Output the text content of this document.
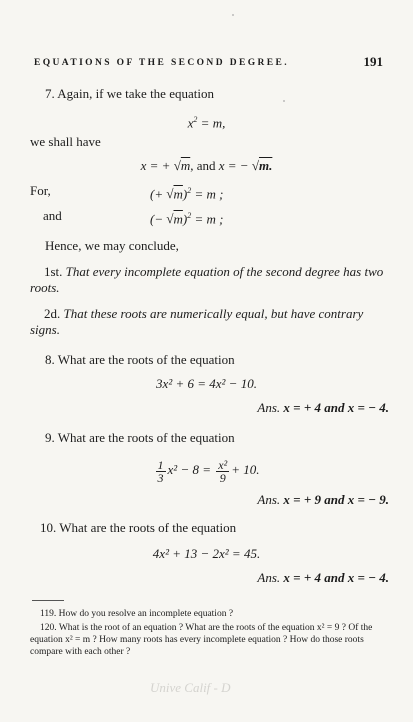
EQUATIONS OF THE SECOND DEGREE.	191
7. Again, if we take the equation
$x^2 = m$,
we shall have
x = + √m, and x = − √m.
For,	(+ √m)$^2$ = m ;
and	(− √m)$^2$ = m ;
Hence, we may conclude,
1st. That every incomplete equation of the second degree has two roots.
2d. That these roots are numerically equal, but have contrary signs.
8. What are the roots of the equation
3x² + 6 = 4x² − 10.
Ans. x = + 4 and x = − 4.
9. What are the roots of the equation
$\frac{1}{3} x^2 - 8 = \frac{\text{x²}}{9} + 10$.
Ans. x = + 9 and x = − 9.
10. What are the roots of the equation
4x² + 13 − 2x² = 45.
Ans. x = + 4 and x = − 4.
119. How do you resolve an incomplete equation ?
120. What is the root of an equation ? What are the roots of the equation x² = 9 ? Of the equation x² = m ? How many roots has every incomplete equation ? How do those roots compare with each other ?
Unive Calif - D
